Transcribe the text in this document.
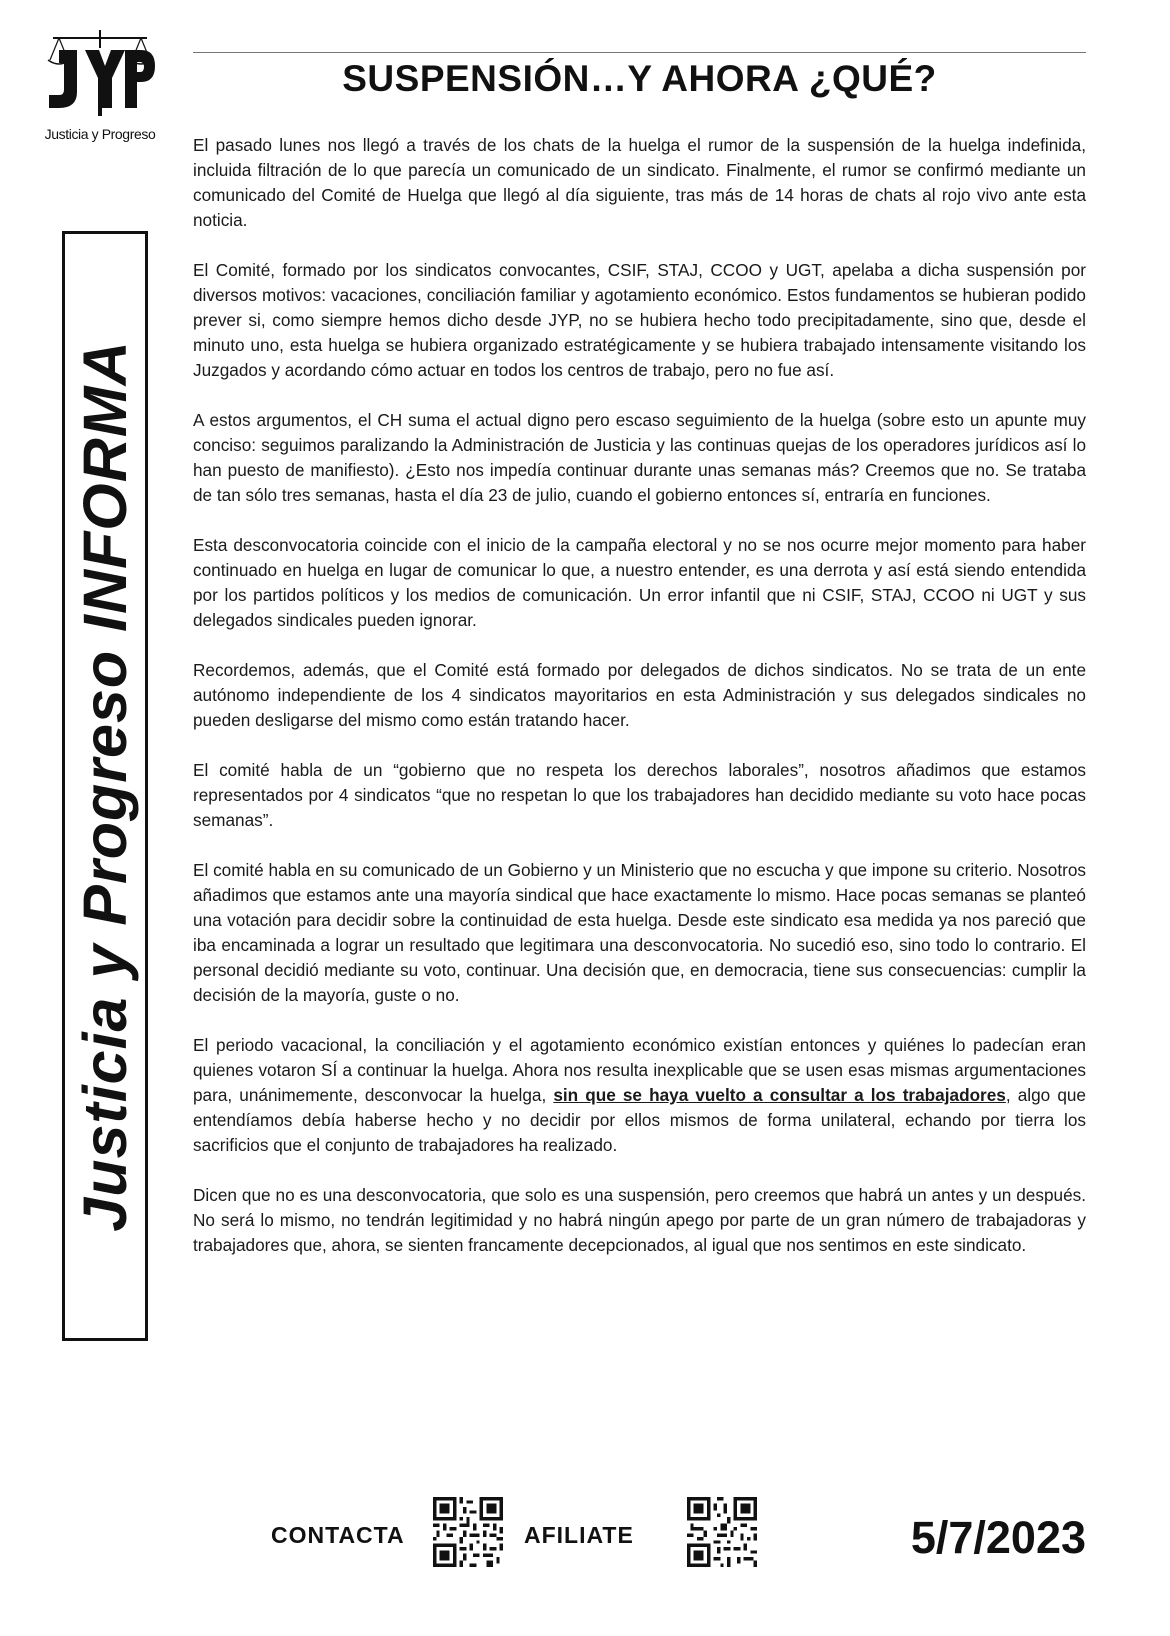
Justicia y Progreso
Justicia y Progreso INFORMA
SUSPENSIÓN…Y AHORA ¿QUÉ?

El pasado lunes nos llegó a través de los chats de la huelga el rumor de la suspensión de la huelga indefinida, incluida filtración de lo que parecía un comunicado de un sindicato. Finalmente, el rumor se confirmó mediante un comunicado del Comité de Huelga que llegó al día siguiente, tras más de 14 horas de chats al rojo vivo ante esta noticia.

El Comité, formado por los sindicatos convocantes, CSIF, STAJ, CCOO y UGT, apelaba a dicha suspensión por diversos motivos: vacaciones, conciliación familiar y agotamiento económico. Estos fundamentos se hubieran podido prever si, como siempre hemos dicho desde JYP, no se hubiera hecho todo precipitadamente, sino que, desde el minuto uno, esta huelga se hubiera organizado estratégicamente y se hubiera trabajado intensamente visitando los Juzgados y acordando cómo actuar en todos los centros de trabajo, pero no fue así.

A estos argumentos, el CH suma el actual digno pero escaso seguimiento de la huelga (sobre esto un apunte muy conciso: seguimos paralizando la Administración de Justicia y las continuas quejas de los operadores jurídicos así lo han puesto de manifiesto). ¿Esto nos impedía continuar durante unas semanas más? Creemos que no. Se trataba de tan sólo tres semanas, hasta el día 23 de julio, cuando el gobierno entonces sí, entraría en funciones.

Esta desconvocatoria coincide con el inicio de la campaña electoral y no se nos ocurre mejor momento para haber continuado en huelga en lugar de comunicar lo que, a nuestro entender, es una derrota y así está siendo entendida por los partidos políticos y los medios de comunicación. Un error infantil que ni CSIF, STAJ, CCOO ni UGT y sus delegados sindicales pueden ignorar.

Recordemos, además, que el Comité está formado por delegados de dichos sindicatos. No se trata de un ente autónomo independiente de los 4 sindicatos mayoritarios en esta Administración y sus delegados sindicales no pueden desligarse del mismo como están tratando hacer.

El comité habla de un “gobierno que no respeta los derechos laborales”, nosotros añadimos que estamos representados por 4 sindicatos “que no respetan lo que los trabajadores han decidido mediante su voto hace pocas semanas”.

El comité habla en su comunicado de un Gobierno y un Ministerio que no escucha y que impone su criterio. Nosotros añadimos que estamos ante una mayoría sindical que hace exactamente lo mismo. Hace pocas semanas se planteó una votación para decidir sobre la continuidad de esta huelga. Desde este sindicato esa medida ya nos pareció que iba encaminada a lograr un resultado que legitimara una desconvocatoria. No sucedió eso, sino todo lo contrario. El personal decidió mediante su voto, continuar. Una decisión que, en democracia, tiene sus consecuencias: cumplir la decisión de la mayoría, guste o no.

El periodo vacacional, la conciliación y el agotamiento económico existían entonces y quiénes lo padecían eran quienes votaron SÍ a continuar la huelga. Ahora nos resulta inexplicable que se usen esas mismas argumentaciones para, unánimemente, desconvocar la huelga, sin que se haya vuelto a consultar a los trabajadores, algo que entendíamos debía haberse hecho y no decidir por ellos mismos de forma unilateral, echando por tierra los sacrificios que el conjunto de trabajadores ha realizado.

Dicen que no es una desconvocatoria, que solo es una suspensión, pero creemos que habrá un antes y un después. No será lo mismo, no tendrán legitimidad y no habrá ningún apego por parte de un gran número de trabajadoras y trabajadores que, ahora, se sienten francamente decepcionados, al igual que nos sentimos en este sindicato.

CONTACTA	AFILIATE	5/7/2023
